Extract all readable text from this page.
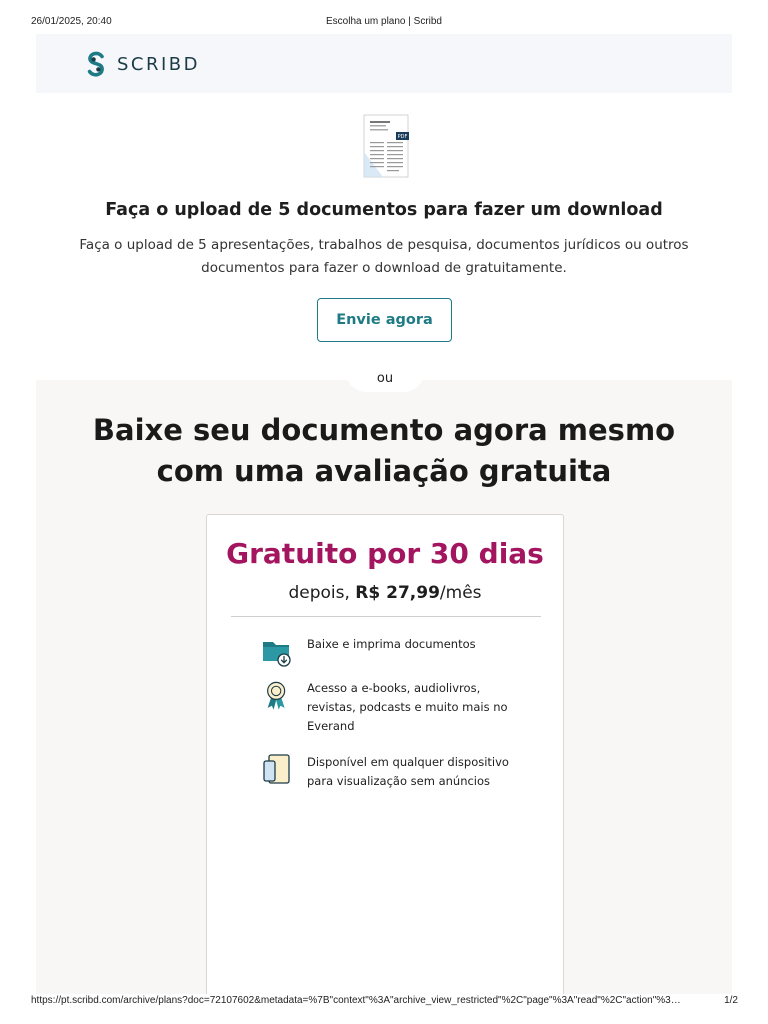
26/01/2025, 20:40	Escolha um plano | Scribd
SCRIBD
PDF
Faça o upload de 5 documentos para fazer um download
Faça o upload de 5 apresentações, trabalhos de pesquisa, documentos jurídicos ou outros documentos para fazer o download de gratuitamente.
Envie agora
ou
Baixe seu documento agora mesmo com uma avaliação gratuita
Gratuito por 30 dias
depois, R$ 27,99/mês
Baixe e imprima documentos
Acesso a e-books, audiolivros, revistas, podcasts e muito mais no Everand
Disponível em qualquer dispositivo para visualização sem anúncios
https://pt.scribd.com/archive/plans?doc=72107602&metadata=%7B"context"%3A"archive_view_restricted"%2C"page"%3A"read"%2C"action"%3…	1/2
